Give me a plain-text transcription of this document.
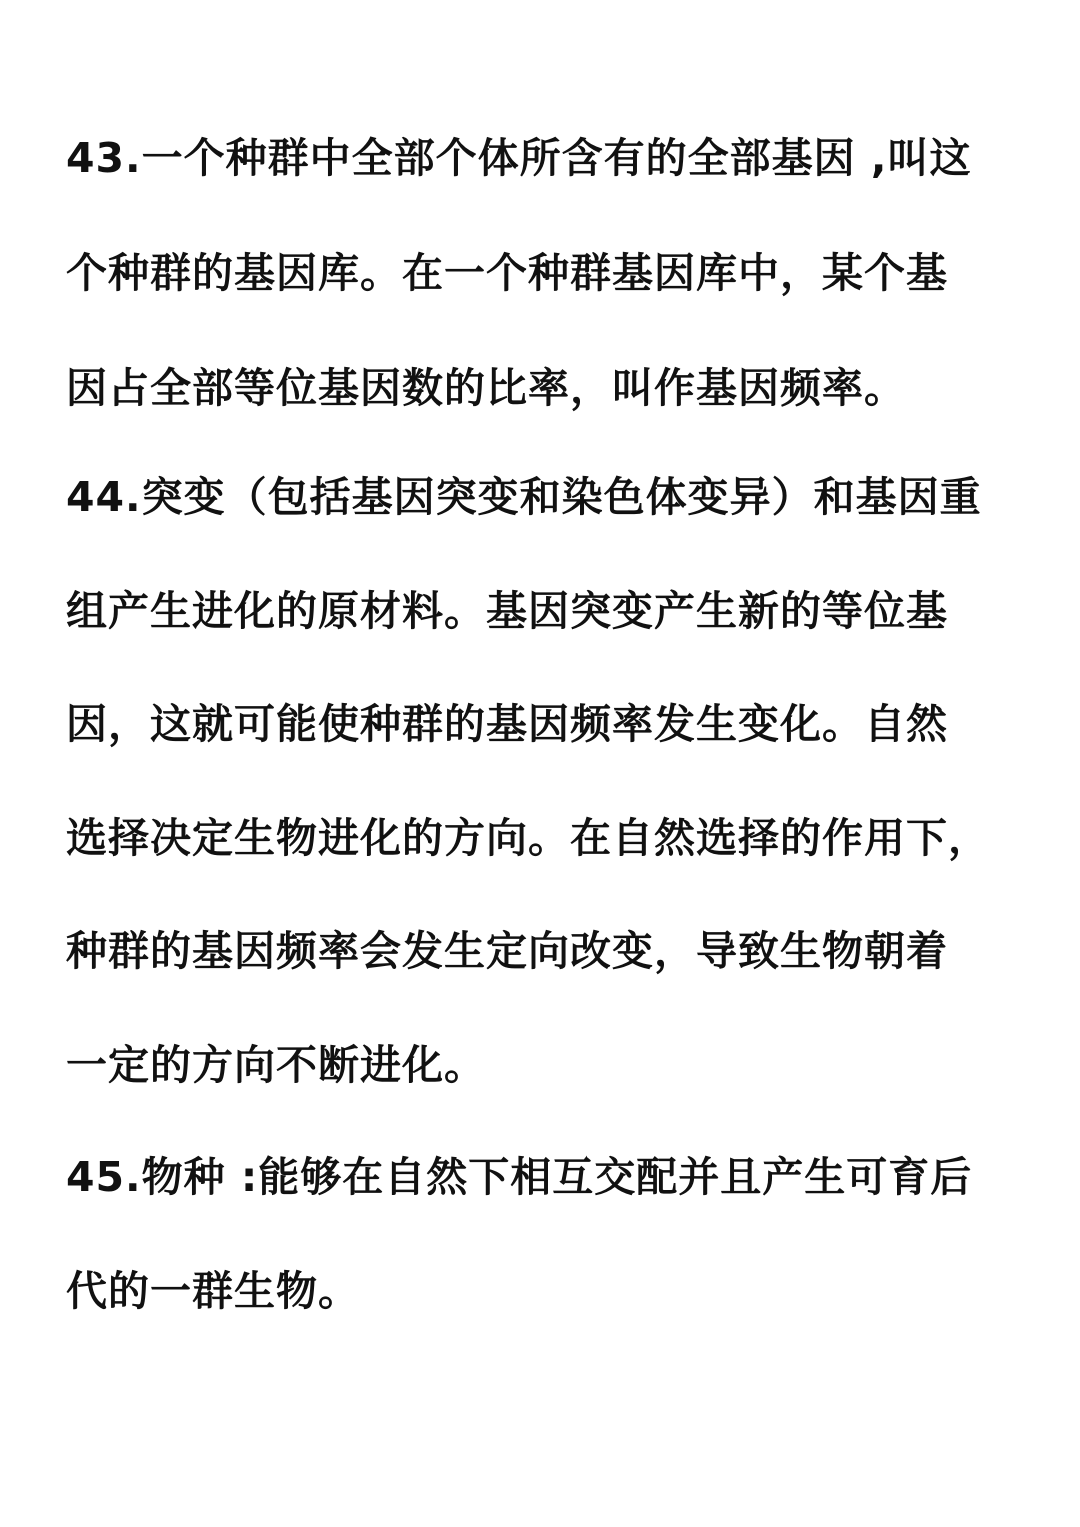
43.一个种群中全部个体所含有的全部基因 ,叫这
个种群的基因库。在一个种群基因库中，某个基
因占全部等位基因数的比率，叫作基因频率。
44.突变（包括基因突变和染色体变异）和基因重
组产生进化的原材料。基因突变产生新的等位基
因，这就可能使种群的基因频率发生变化。自然
选择决定生物进化的方向。在自然选择的作用下，
种群的基因频率会发生定向改变，导致生物朝着
一定的方向不断进化。
45.物种 :能够在自然下相互交配并且产生可育后
代的一群生物。
